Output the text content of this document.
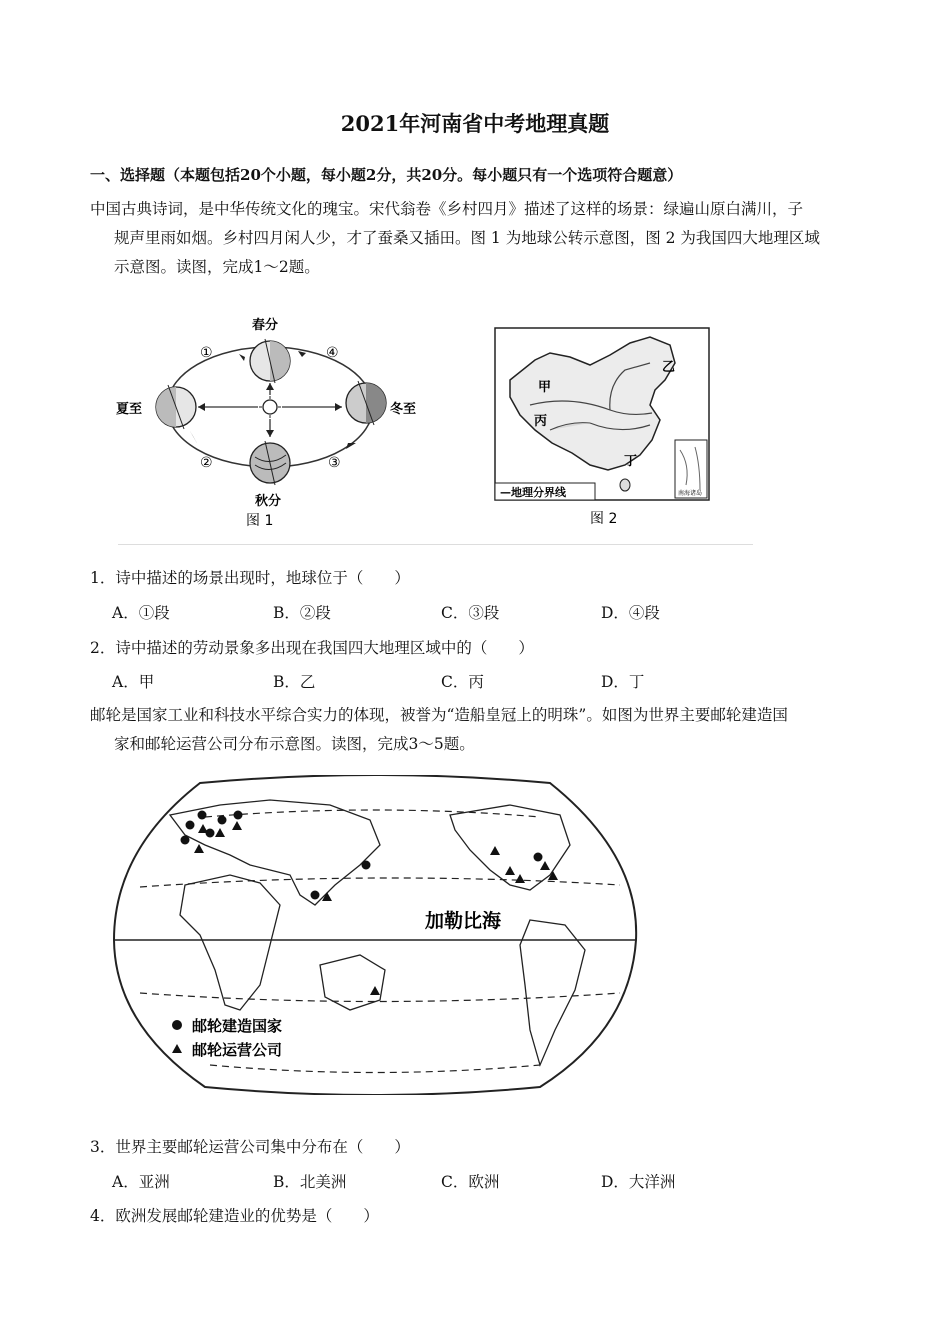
2021年河南省中考地理真题
一、选择题（本题包括20个小题，每小题2分，共20分。每小题只有一个选项符合题意）
中国古典诗词，是中华传统文化的瑰宝。宋代翁卷《乡村四月》描述了这样的场景：绿遍山原白满川，子
规声里雨如烟。乡村四月闲人少，才了蚕桑又插田。图 1 为地球公转示意图，图 2 为我国四大地理区域
示意图。读图，完成1～2题。
春分
夏至
秋分
冬至
①
②	③
④
图 1
南海诸岛
甲
乙
丙
丁
—地理分界线
图 2
1．诗中描述的场景出现时，地球位于（　　）
A．①段	B．②段	C．③段	D．④段
2．诗中描述的劳动景象多出现在我国四大地理区域中的（　　）
A．甲	B．乙	C．丙	D．丁
邮轮是国家工业和科技水平综合实力的体现，被誉为“造船皇冠上的明珠”。如图为世界主要邮轮建造国
家和邮轮运营公司分布示意图。读图，完成3～5题。
加勒比海
邮轮建造国家
邮轮运营公司
3．世界主要邮轮运营公司集中分布在（　　）
A．亚洲	B．北美洲	C．欧洲	D．大洋洲
4．欧洲发展邮轮建造业的优势是（　　）
